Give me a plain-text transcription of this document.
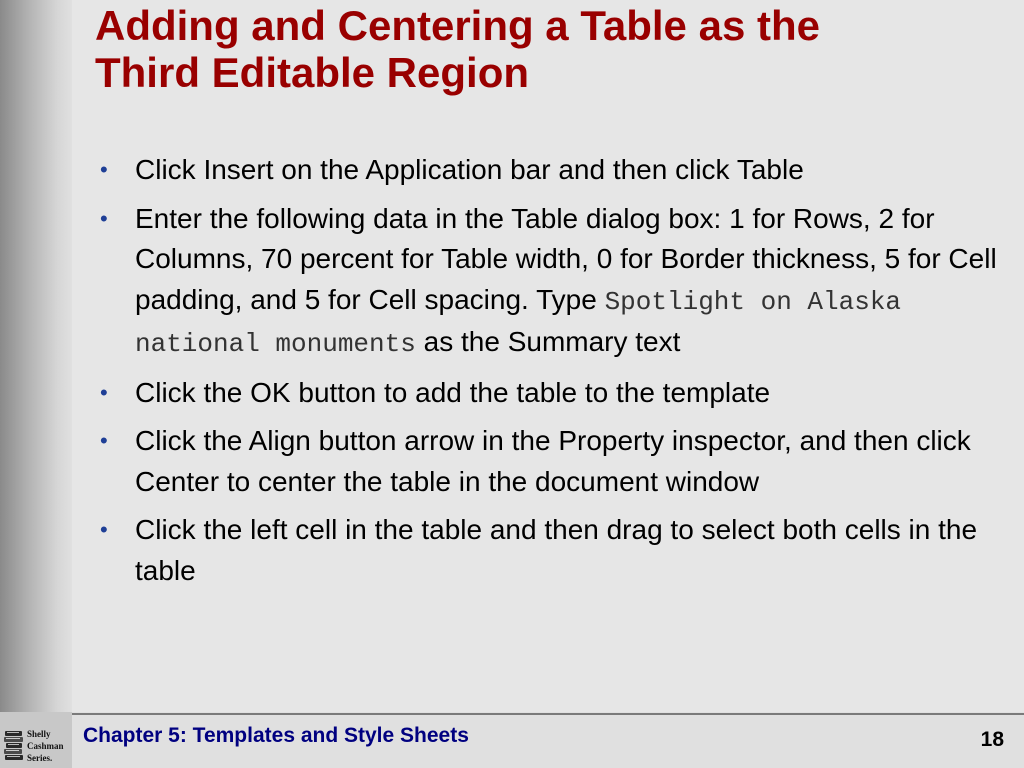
Adding and Centering a Table as the
Third Editable Region
• Click Insert on the Application bar and then click Table
• Enter the following data in the Table dialog box: 1 for Rows, 2 for Columns, 70 percent for Table width, 0 for Border thickness, 5 for Cell padding, and 5 for Cell spacing. Type Spotlight on Alaska national monuments as the Summary text
• Click the OK button to add the table to the template
• Click the Align button arrow in the Property inspector, and then click Center to center the table in the document window
• Click the left cell in the table and then drag to select both cells in the table
Chapter 5: Templates and Style Sheets	18
Shelly
Cashman
Series.
